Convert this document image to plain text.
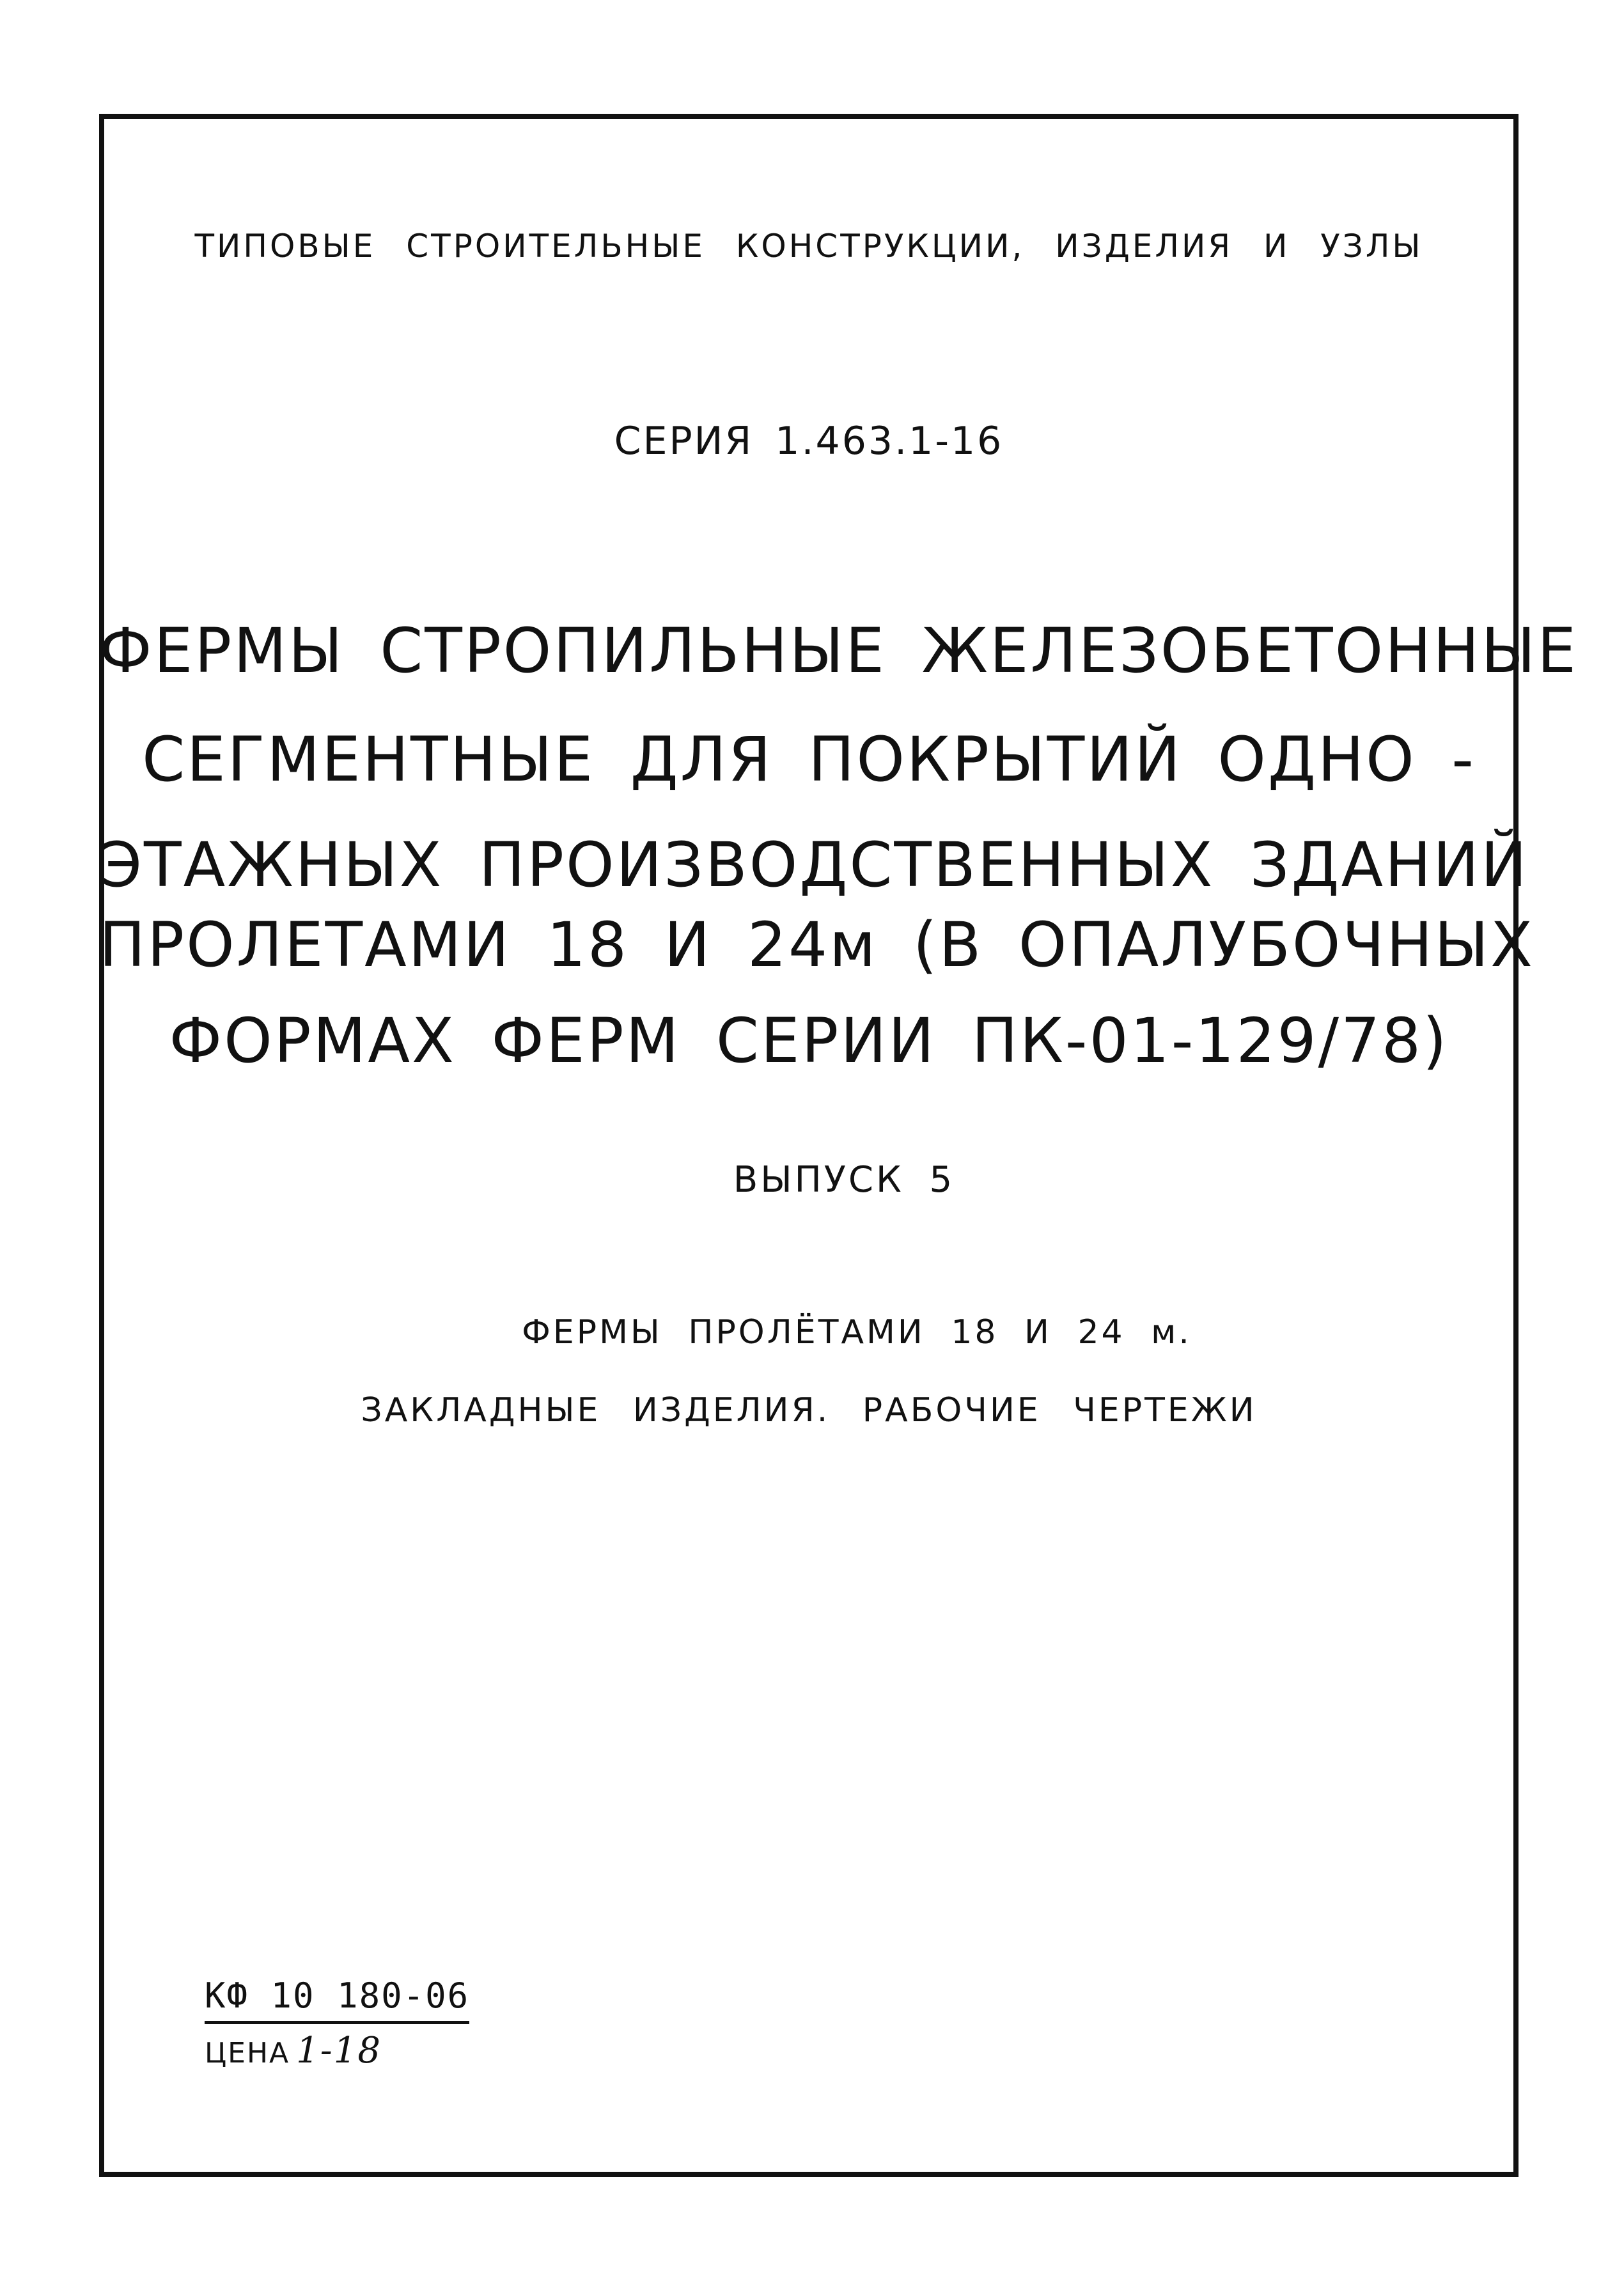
ТИПОВЫЕ СТРОИТЕЛЬНЫЕ КОНСТРУКЦИИ, ИЗДЕЛИЯ И УЗЛЫ
СЕРИЯ 1.463.1-16
ФЕРМЫ СТРОПИЛЬНЫЕ ЖЕЛЕЗОБЕТОННЫЕ
СЕГМЕНТНЫЕ ДЛЯ ПОКРЫТИЙ ОДНО -
ЭТАЖНЫХ ПРОИЗВОДСТВЕННЫХ ЗДАНИЙ
ПРОЛЕТАМИ 18 И 24м (В ОПАЛУБОЧНЫХ
ФОРМАХ ФЕРМ СЕРИИ ПК-01-129/78)
ВЫПУСК 5
ФЕРМЫ ПРОЛЁТАМИ 18 И 24 м.
ЗАКЛАДНЫЕ ИЗДЕЛИЯ. РАБОЧИЕ ЧЕРТЕЖИ
КФ 10 180-06
ЦЕНА 1-18
